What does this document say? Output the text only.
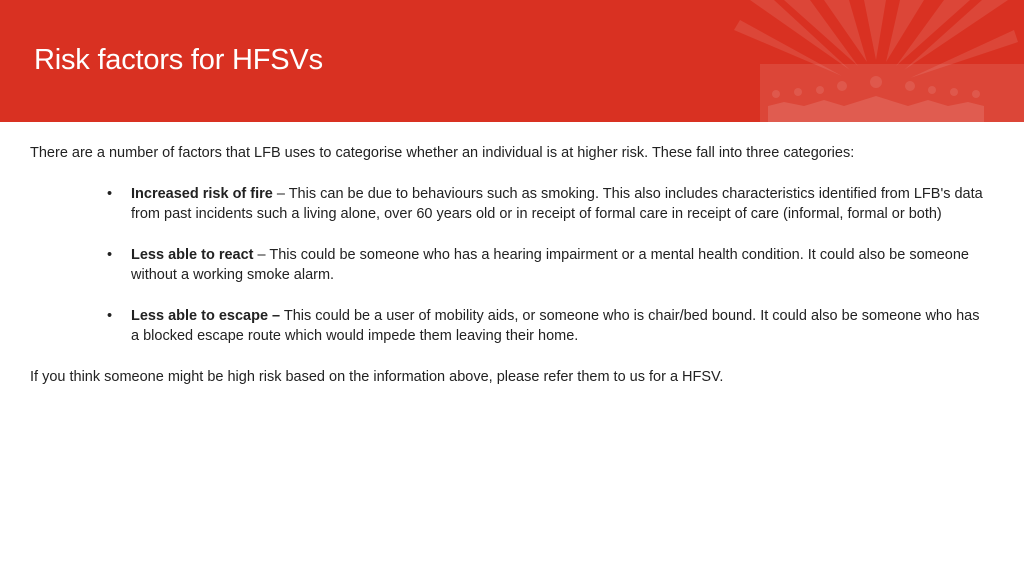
Risk factors for HFSVs

There are a number of factors that LFB uses to categorise whether an individual is at higher risk. These fall into three categories:

•	Increased risk of fire – This can be due to behaviours such as smoking. This also includes characteristics identified from LFB's data from past incidents such a living alone, over 60 years old or in receipt of formal care in receipt of care (informal, formal or both)
•	Less able to react – This could be someone who has a hearing impairment or a mental health condition. It could also be someone without a working smoke alarm.
•	Less able to escape – This could be a user of mobility aids, or someone who is chair/bed bound. It could also be someone who has a blocked escape route which would impede them leaving their home.

If you think someone might be high risk based on the information above, please refer them to us for a HFSV.
